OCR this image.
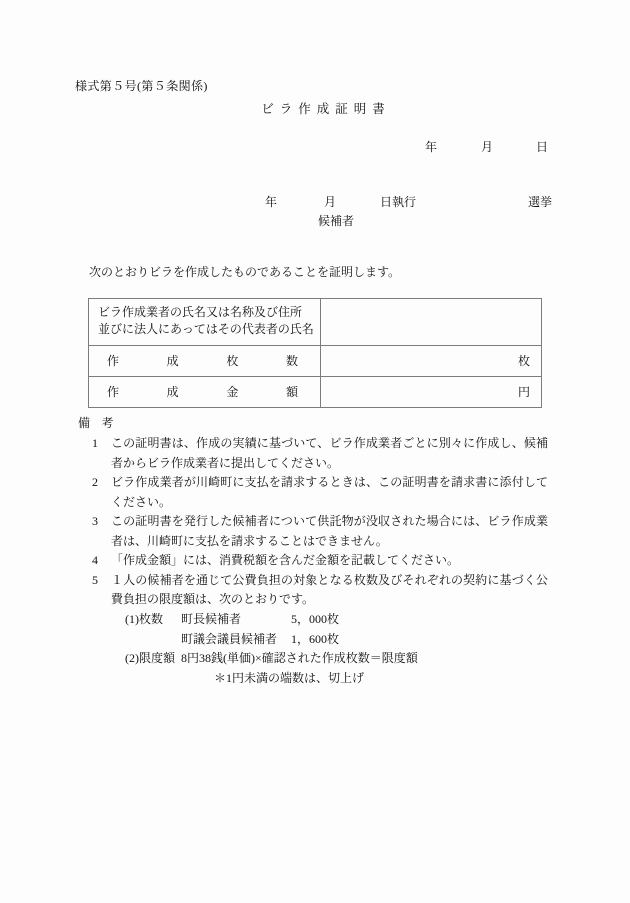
様式第５号(第５条関係)
ビラ作成証明書
年	月	日
年	月	日執行	選挙
候補者
次のとおりビラを作成したものであることを証明します。
ビラ作成業者の氏名又は名称及び住所
並びに法人にあってはその代表者の氏名	

作 成 枚 数	枚

作 成 金 額	円
備 考
1	この証明書は、作成の実績に基づいて、ビラ作成業者ごとに別々に作成し、候補者からビラ作成業者に提出してください。
2	ビラ作成業者が川崎町に支払を請求するときは、この証明書を請求書に添付してください。
3	この証明書を発行した候補者について供託物が没収された場合には、ビラ作成業者は、川崎町に支払を請求することはできません。
4	「作成金額」には、消費税額を含んだ金額を記載してください。
5	１人の候補者を通じて公費負担の対象となる枚数及びそれぞれの契約に基づく公費負担の限度額は、次のとおりです。
(1)枚数	町長候補者	5，000枚
町議会議員候補者	1，600枚
(2)限度額 8円38銭(単価)×確認された作成枚数＝限度額
＊1円未満の端数は、切上げ
